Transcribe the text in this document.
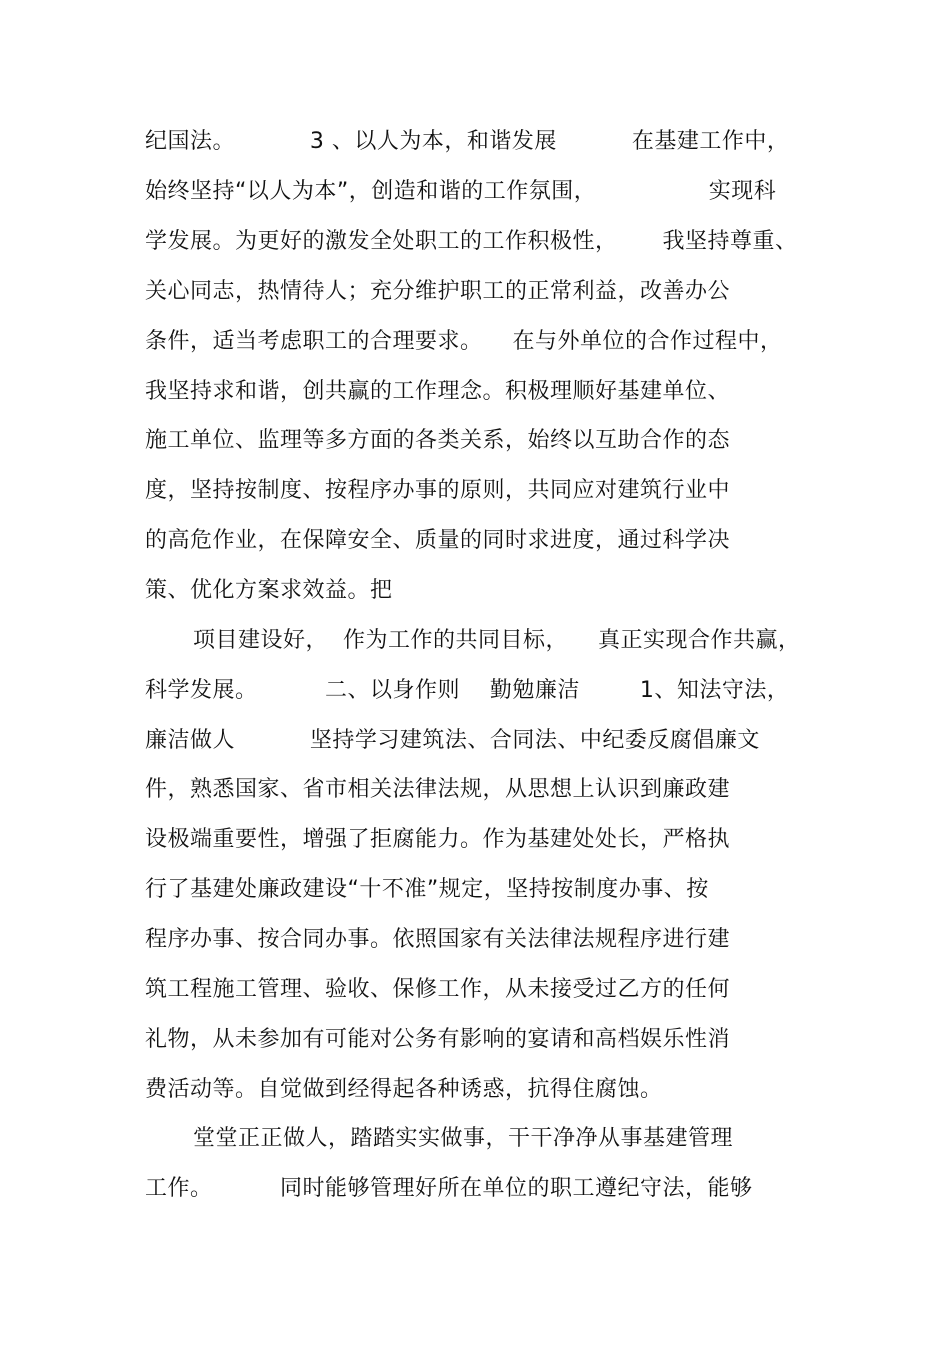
纪国法。          3 、以人为本，和谐发展          在基建工作中，
始终坚持“以人为本”，创造和谐的工作氛围，               实现科
学发展。为更好的激发全处职工的工作积极性，      我坚持尊重、
关心同志，热情待人；充分维护职工的正常利益，改善办公
条件，适当考虑职工的合理要求。    在与外单位的合作过程中，
我坚持求和谐，创共赢的工作理念。积极理顺好基建单位、
施工单位、监理等多方面的各类关系，始终以互助合作的态
度，坚持按制度、按程序办事的原则，共同应对建筑行业中
的高危作业，在保障安全、质量的同时求进度，通过科学决
策、优化方案求效益。把
项目建设好，  作为工作的共同目标，    真正实现合作共赢，
科学发展。         二、以身作则    勤勉廉洁        1、知法守法，
廉洁做人          坚持学习建筑法、合同法、中纪委反腐倡廉文
件，熟悉国家、省市相关法律法规，从思想上认识到廉政建
设极端重要性，增强了拒腐能力。作为基建处处长，严格执
行了基建处廉政建设“十不准”规定，坚持按制度办事、按
程序办事、按合同办事。依照国家有关法律法规程序进行建
筑工程施工管理、验收、保修工作，从未接受过乙方的任何
礼物，从未参加有可能对公务有影响的宴请和高档娱乐性消
费活动等。自觉做到经得起各种诱惑，抗得住腐蚀。
堂堂正正做人，踏踏实实做事，干干净净从事基建管理
工作。         同时能够管理好所在单位的职工遵纪守法，能够
